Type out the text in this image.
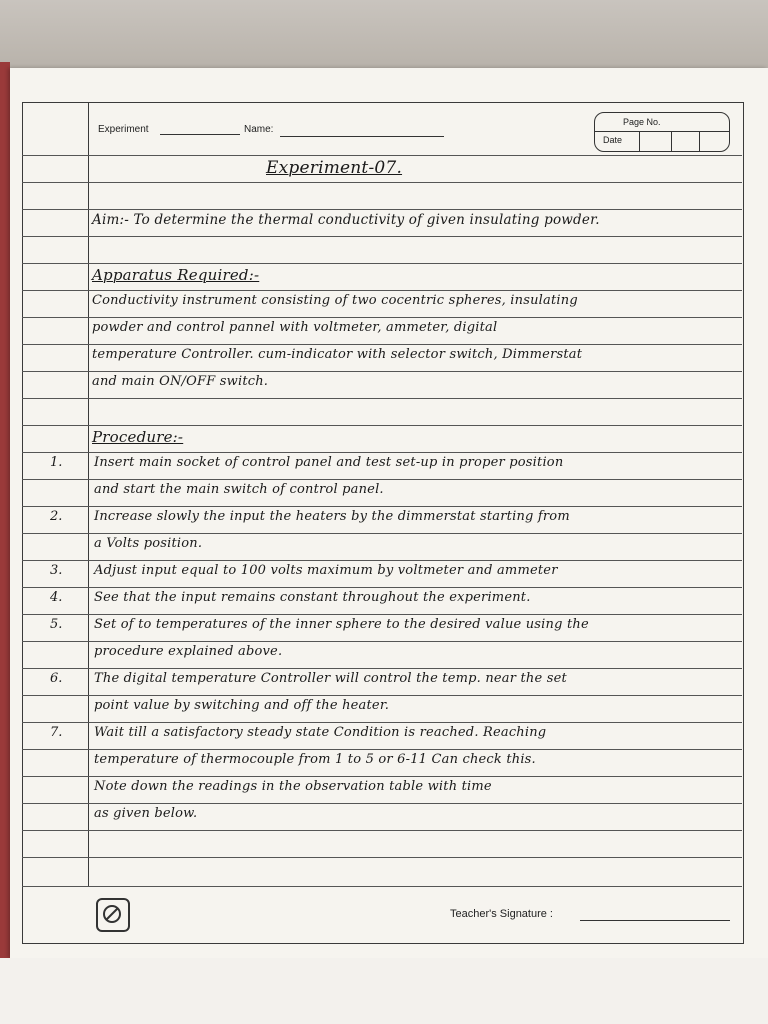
Experiment	Name:
Page No.
Date
Experiment-07.
Aim:- To determine the thermal conductivity of given insulating powder.
Apparatus Required:-
Conductivity instrument consisting of two cocentric spheres, insulating
powder and control pannel with voltmeter, ammeter, digital
temperature Controller. cum-indicator with selector switch, Dimmerstat
and main ON/OFF switch.
Procedure:-
1. Insert main socket of control panel and test set-up in proper position
and start the main switch of control panel.
2. Increase slowly the input the heaters by the dimmerstat starting from
a Volts position.
3. Adjust input equal to 100 volts maximum by voltmeter and ammeter
4. See that the input remains constant throughout the experiment.
5. Set of to temperatures of the inner sphere to the desired value using the
procedure explained above.
6. The digital temperature Controller will control the temp. near the set
point value by switching and off the heater.
7. Wait till a satisfactory steady state Condition is reached. Reaching
temperature of thermocouple from 1 to 5 or 6-11 Can check this.
Note down the readings in the observation table with time
as given below.
Teacher's Signature :
